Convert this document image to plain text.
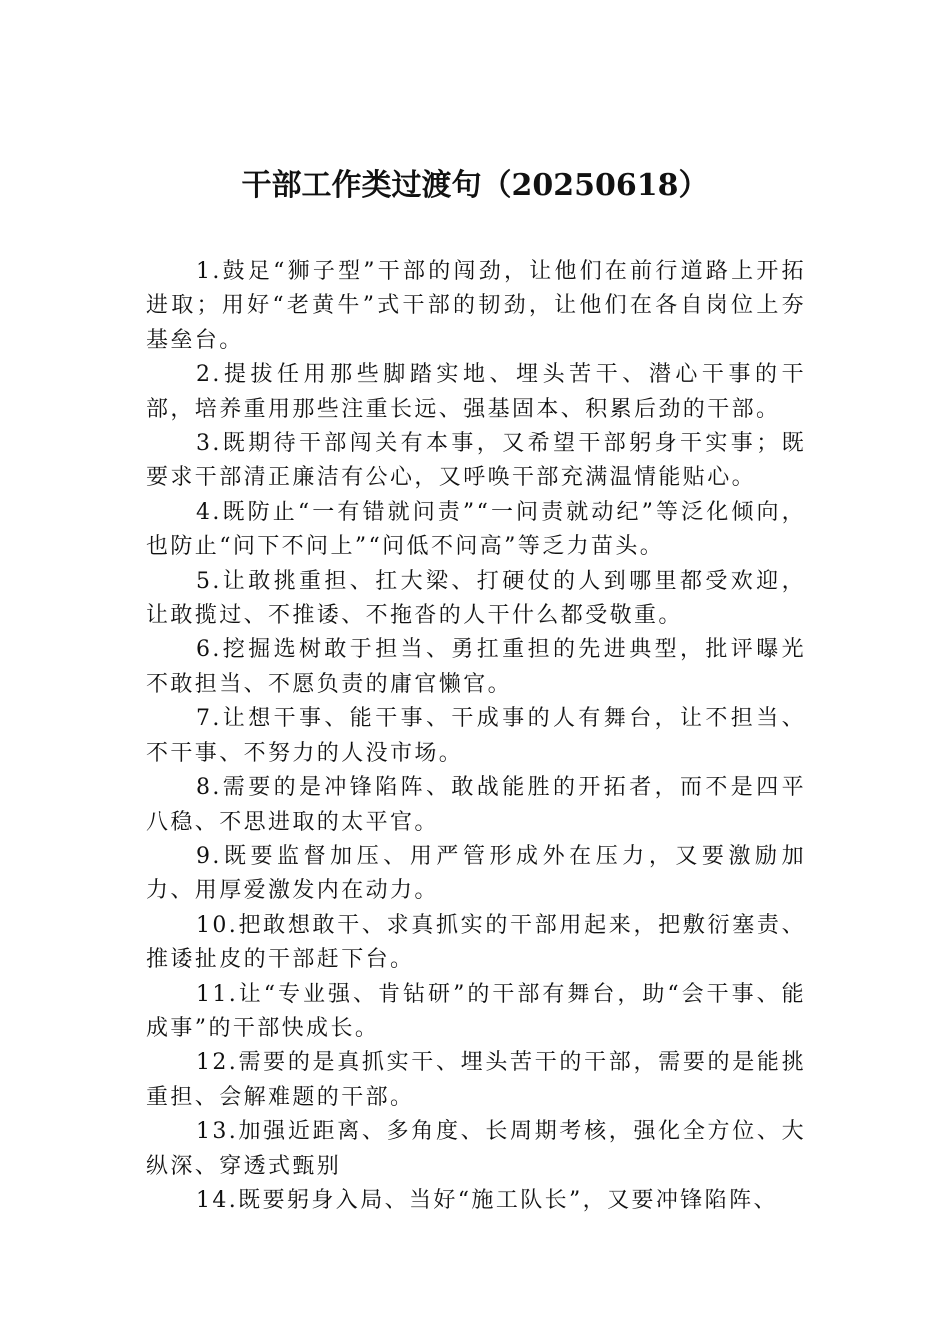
干部工作类过渡句（20250618）

1.鼓足“狮子型”干部的闯劲，让他们在前行道路上开拓进取；用好“老黄牛”式干部的韧劲，让他们在各自岗位上夯基垒台。

2.提拔任用那些脚踏实地、埋头苦干、潜心干事的干部，培养重用那些注重长远、强基固本、积累后劲的干部。

3.既期待干部闯关有本事，又希望干部躬身干实事；既要求干部清正廉洁有公心，又呼唤干部充满温情能贴心。

4.既防止“一有错就问责”“一问责就动纪”等泛化倾向，也防止“问下不问上”“问低不问高”等乏力苗头。

5.让敢挑重担、扛大梁、打硬仗的人到哪里都受欢迎，让敢揽过、不推诿、不拖沓的人干什么都受敬重。

6.挖掘选树敢于担当、勇扛重担的先进典型，批评曝光不敢担当、不愿负责的庸官懒官。

7.让想干事、能干事、干成事的人有舞台，让不担当、不干事、不努力的人没市场。

8.需要的是冲锋陷阵、敢战能胜的开拓者，而不是四平八稳、不思进取的太平官。

9.既要监督加压、用严管形成外在压力，又要激励加力、用厚爱激发内在动力。

10.把敢想敢干、求真抓实的干部用起来，把敷衍塞责、推诿扯皮的干部赶下台。

11.让“专业强、肯钻研”的干部有舞台，助“会干事、能成事”的干部快成长。

12.需要的是真抓实干、埋头苦干的干部，需要的是能挑重担、会解难题的干部。

13.加强近距离、多角度、长周期考核，强化全方位、大纵深、穿透式甄别

14.既要躬身入局、当好“施工队长”，又要冲锋陷阵、
